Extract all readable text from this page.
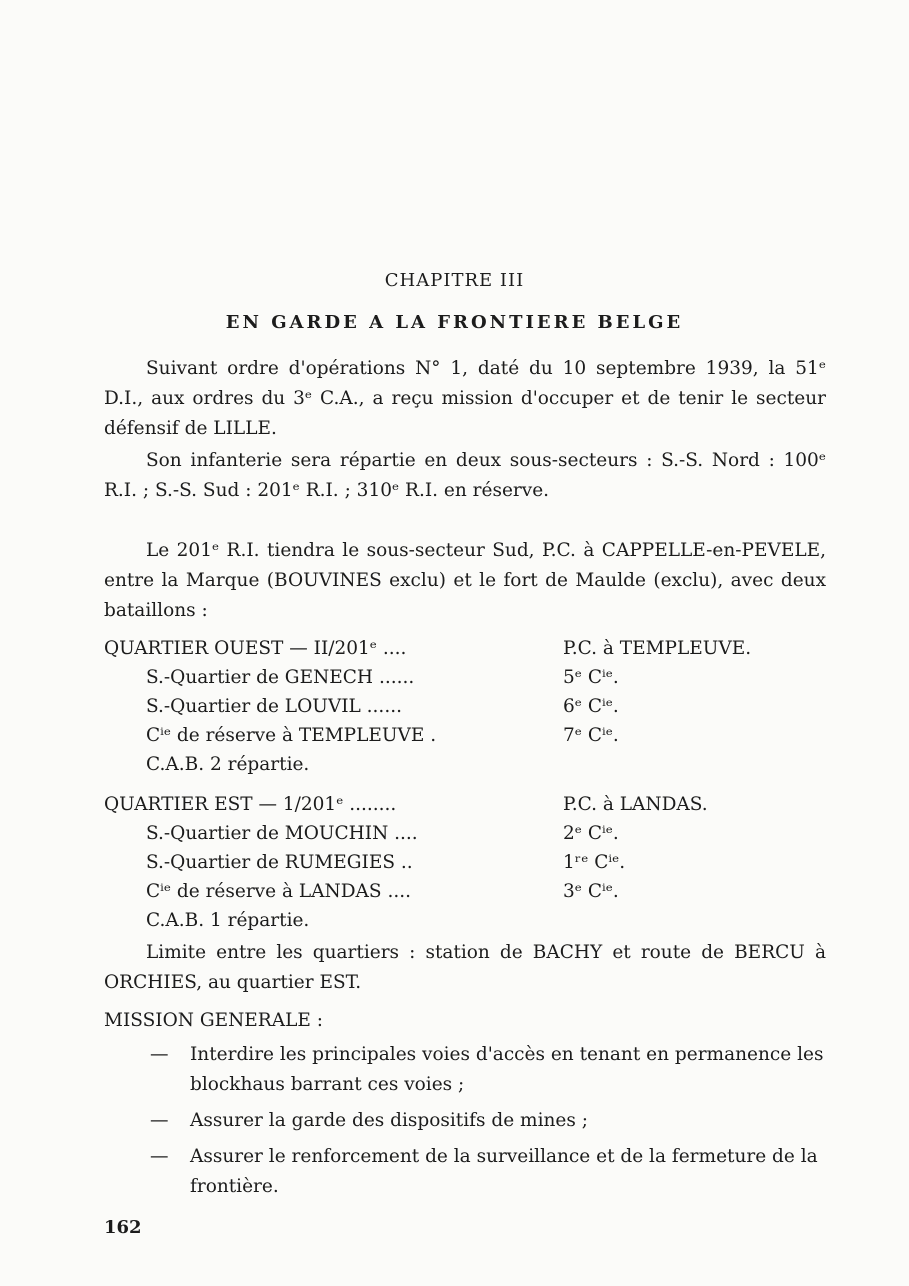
CHAPITRE III
EN GARDE A LA FRONTIERE BELGE
Suivant ordre d'opérations N° 1, daté du 10 septembre 1939, la 51ᵉ D.I., aux ordres du 3ᵉ C.A., a reçu mission d'occuper et de tenir le secteur défensif de LILLE.
Son infanterie sera répartie en deux sous-secteurs : S.-S. Nord : 100ᵉ R.I. ; S.-S. Sud : 201ᵉ R.I. ; 310ᵉ R.I. en réserve.
Le 201ᵉ R.I. tiendra le sous-secteur Sud, P.C. à CAPPELLE-en-PEVELE, entre la Marque (BOUVINES exclu) et le fort de Maulde (exclu), avec deux bataillons :
QUARTIER OUEST — II/201ᵉ ....	P.C. à TEMPLEUVE.
S.-Quartier de GENECH ......	5ᵉ Cⁱᵉ.
S.-Quartier de LOUVIL ......	6ᵉ Cⁱᵉ.
Cⁱᵉ de réserve à TEMPLEUVE .	7ᵉ Cⁱᵉ.
C.A.B. 2 répartie.
QUARTIER EST — 1/201ᵉ ........	P.C. à LANDAS.
S.-Quartier de MOUCHIN ....	2ᵉ Cⁱᵉ.
S.-Quartier de RUMEGIES ..	1ʳᵉ Cⁱᵉ.
Cⁱᵉ de réserve à LANDAS ....	3ᵉ Cⁱᵉ.
C.A.B. 1 répartie.
Limite entre les quartiers : station de BACHY et route de BERCU à ORCHIES, au quartier EST.
MISSION GENERALE :
— Interdire les principales voies d'accès en tenant en permanence les blockhaus barrant ces voies ;
— Assurer la garde des dispositifs de mines ;
— Assurer le renforcement de la surveillance et de la fermeture de la frontière.
162
